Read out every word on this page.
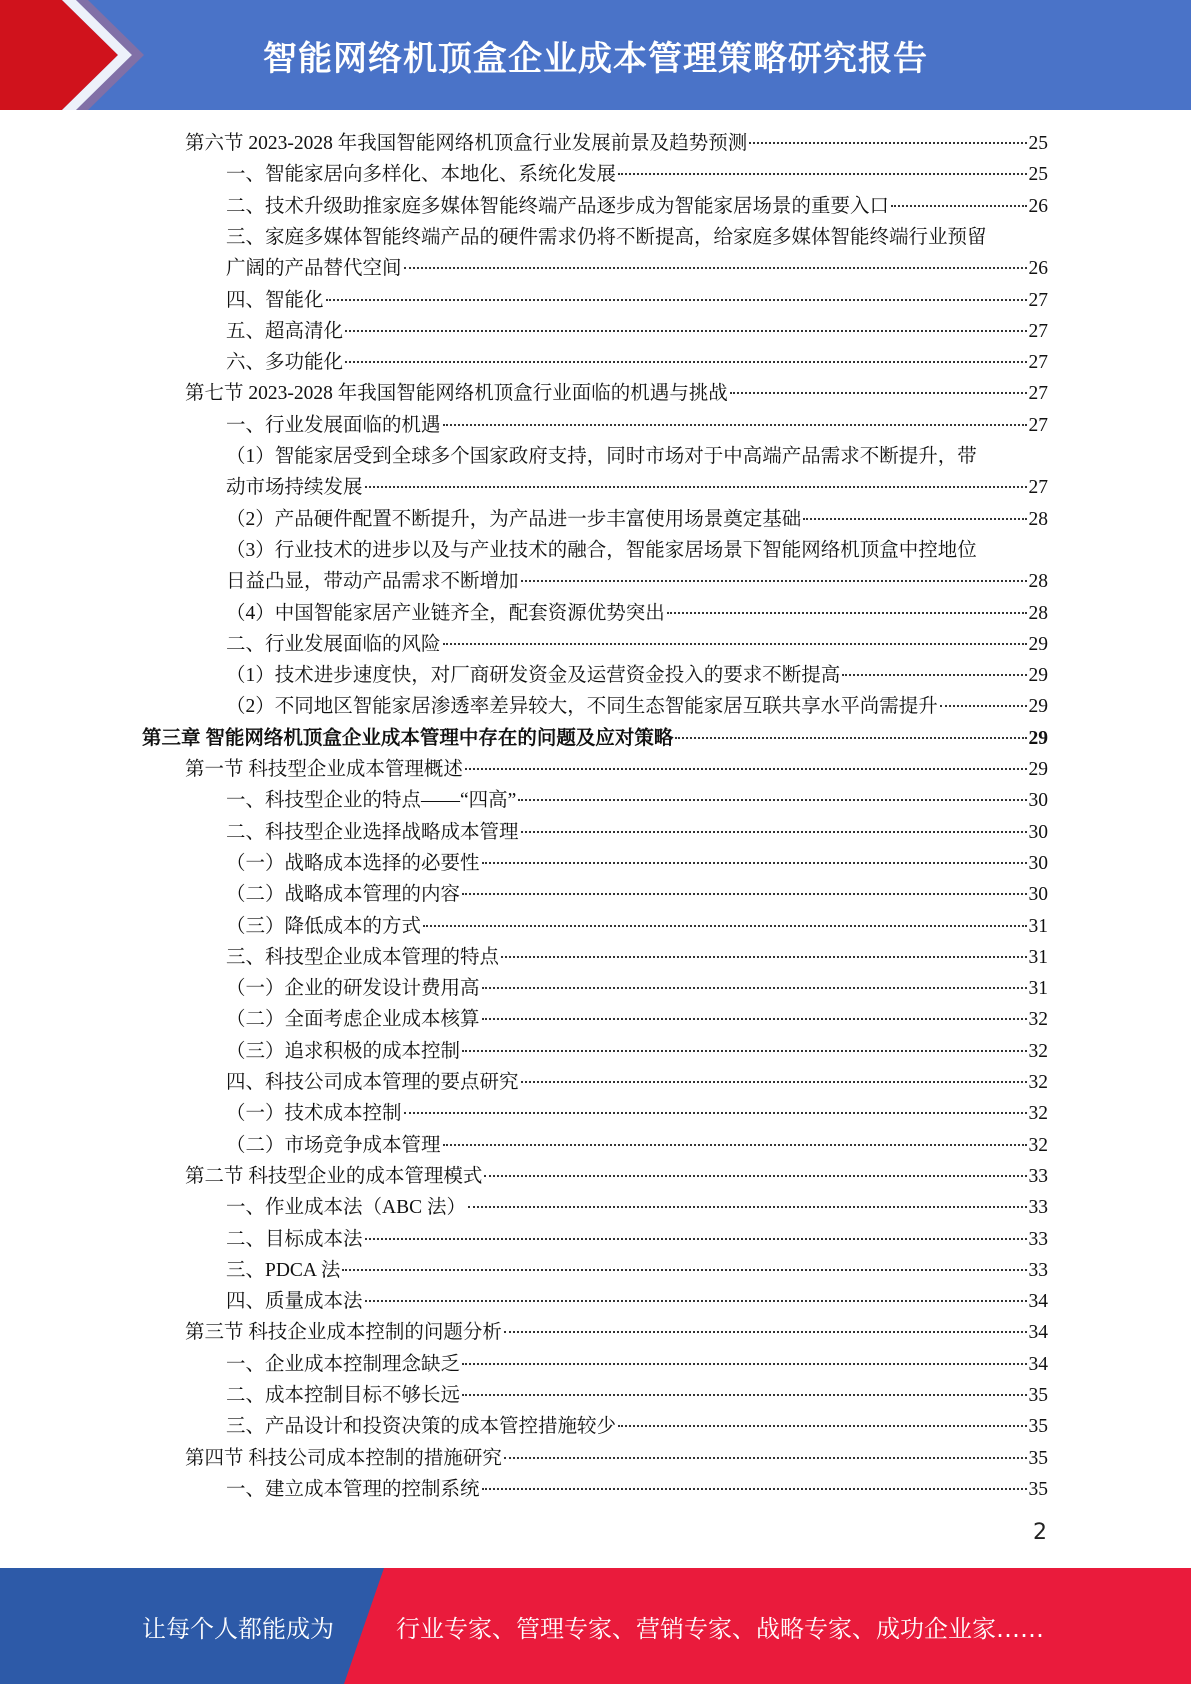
智能网络机顶盒企业成本管理策略研究报告
第六节 2023-2028 年我国智能网络机顶盒行业发展前景及趋势预测	25
一、智能家居向多样化、本地化、系统化发展	25
二、技术升级助推家庭多媒体智能终端产品逐步成为智能家居场景的重要入口	26
三、家庭多媒体智能终端产品的硬件需求仍将不断提高，给家庭多媒体智能终端行业预留
广阔的产品替代空间	26
四、智能化	27
五、超高清化	27
六、多功能化	27
第七节 2023-2028 年我国智能网络机顶盒行业面临的机遇与挑战	27
一、行业发展面临的机遇	27
（1）智能家居受到全球多个国家政府支持，同时市场对于中高端产品需求不断提升，带
动市场持续发展	27
（2）产品硬件配置不断提升，为产品进一步丰富使用场景奠定基础	28
（3）行业技术的进步以及与产业技术的融合，智能家居场景下智能网络机顶盒中控地位
日益凸显，带动产品需求不断增加	28
（4）中国智能家居产业链齐全，配套资源优势突出	28
二、行业发展面临的风险	29
（1）技术进步速度快，对厂商研发资金及运营资金投入的要求不断提高	29
（2）不同地区智能家居渗透率差异较大，不同生态智能家居互联共享水平尚需提升	29
第三章 智能网络机顶盒企业成本管理中存在的问题及应对策略	29
第一节 科技型企业成本管理概述	29
一、科技型企业的特点——“四高”	30
二、科技型企业选择战略成本管理	30
（一）战略成本选择的必要性	30
（二）战略成本管理的内容	30
（三）降低成本的方式	31
三、科技型企业成本管理的特点	31
（一）企业的研发设计费用高	31
（二）全面考虑企业成本核算	32
（三）追求积极的成本控制	32
四、科技公司成本管理的要点研究	32
（一）技术成本控制	32
（二）市场竞争成本管理	32
第二节 科技型企业的成本管理模式	33
一、作业成本法（ABC 法）	33
二、目标成本法	33
三、PDCA 法	33
四、质量成本法	34
第三节 科技企业成本控制的问题分析	34
一、企业成本控制理念缺乏	34
二、成本控制目标不够长远	35
三、产品设计和投资决策的成本管控措施较少	35
第四节 科技公司成本控制的措施研究	35
一、建立成本管理的控制系统	35
2
让每个人都能成为	行业专家、管理专家、营销专家、战略专家、成功企业家……
